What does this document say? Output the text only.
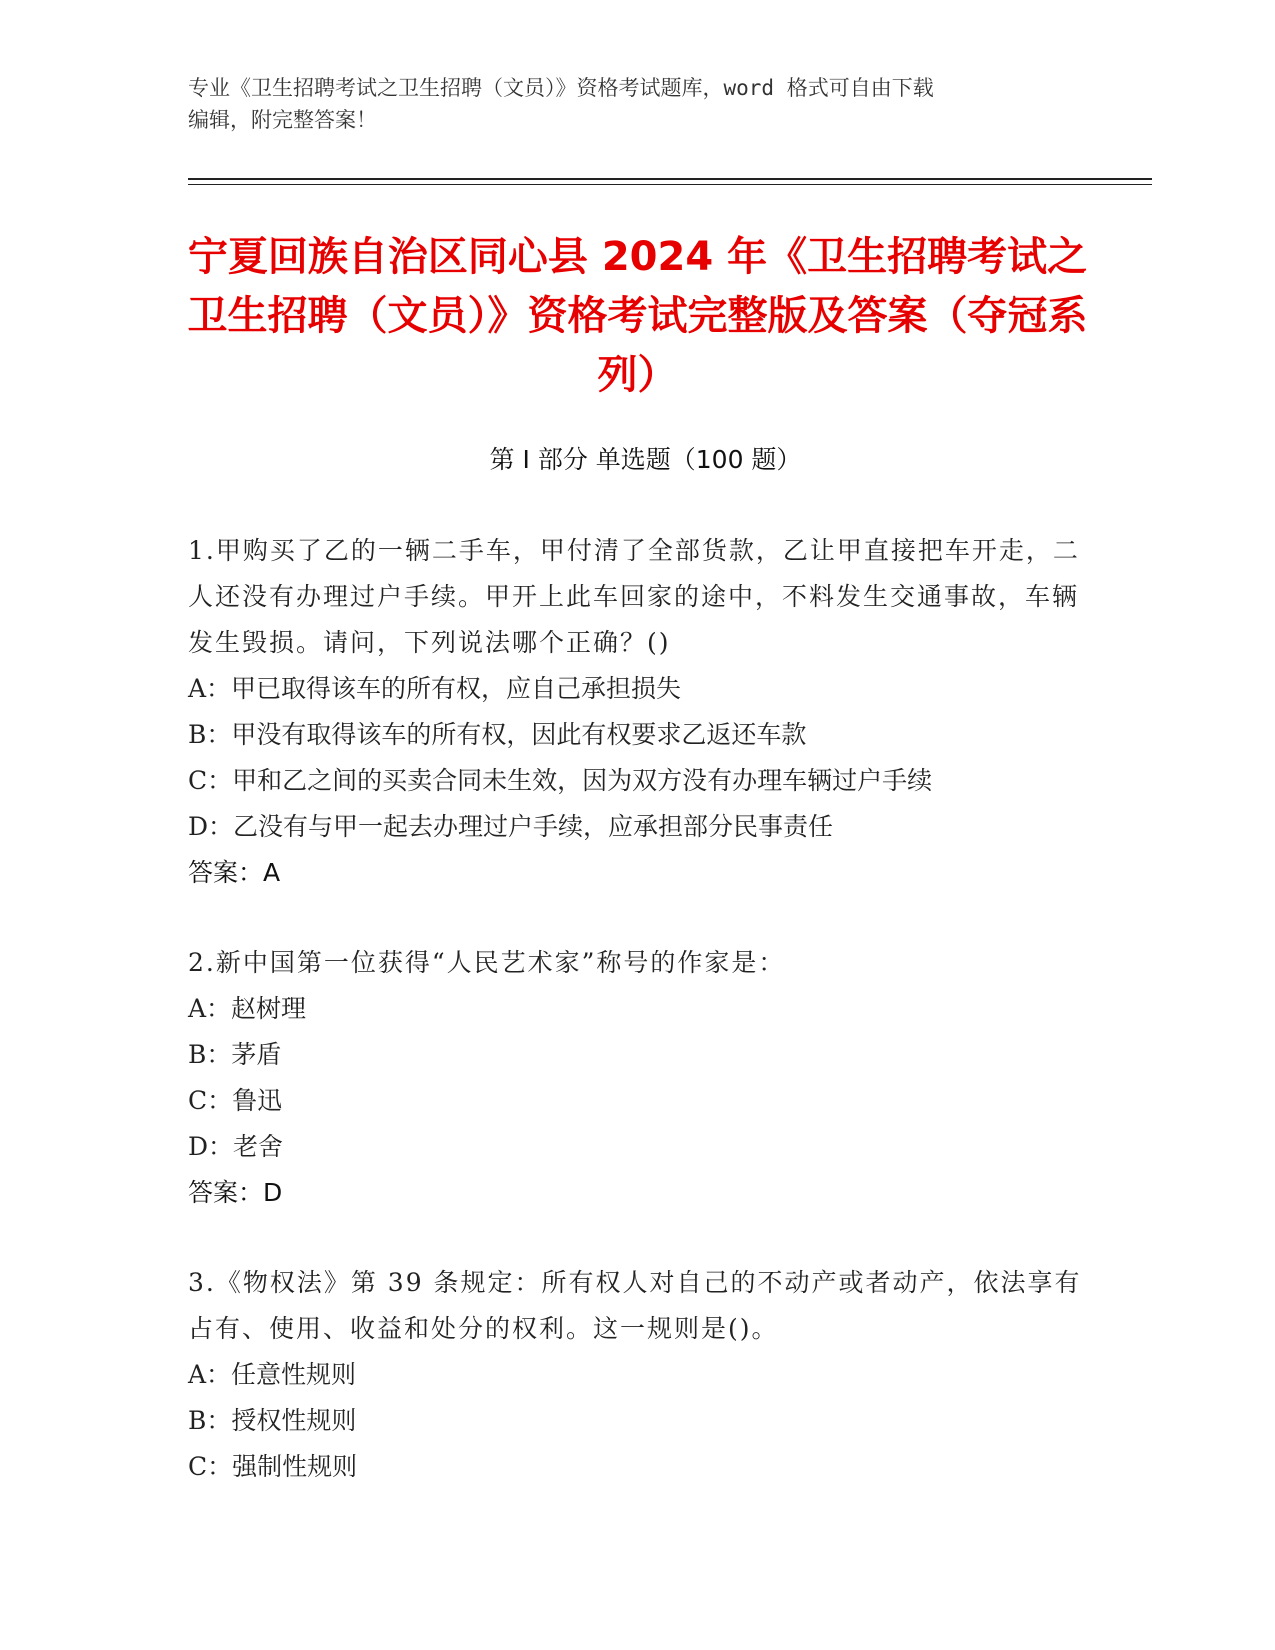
专业《卫生招聘考试之卫生招聘（文员）》资格考试题库，word 格式可自由下载
编辑，附完整答案！
宁夏回族自治区同心县 2024 年《卫生招聘考试之卫生招聘（文员）》资格考试完整版及答案（夺冠系列）
第 I 部分 单选题（100 题）
1.甲购买了乙的一辆二手车，甲付清了全部货款，乙让甲直接把车开走，二人还没有办理过户手续。甲开上此车回家的途中，不料发生交通事故，车辆发生毁损。请问，下列说法哪个正确？()
A：甲已取得该车的所有权，应自己承担损失
B：甲没有取得该车的所有权，因此有权要求乙返还车款
C：甲和乙之间的买卖合同未生效，因为双方没有办理车辆过户手续
D：乙没有与甲一起去办理过户手续，应承担部分民事责任
答案：A
2.新中国第一位获得“人民艺术家”称号的作家是：
A：赵树理
B：茅盾
C：鲁迅
D：老舍
答案：D
3.《物权法》第 39 条规定：所有权人对自己的不动产或者动产，依法享有占有、使用、收益和处分的权利。这一规则是()。
A：任意性规则
B：授权性规则
C：强制性规则
